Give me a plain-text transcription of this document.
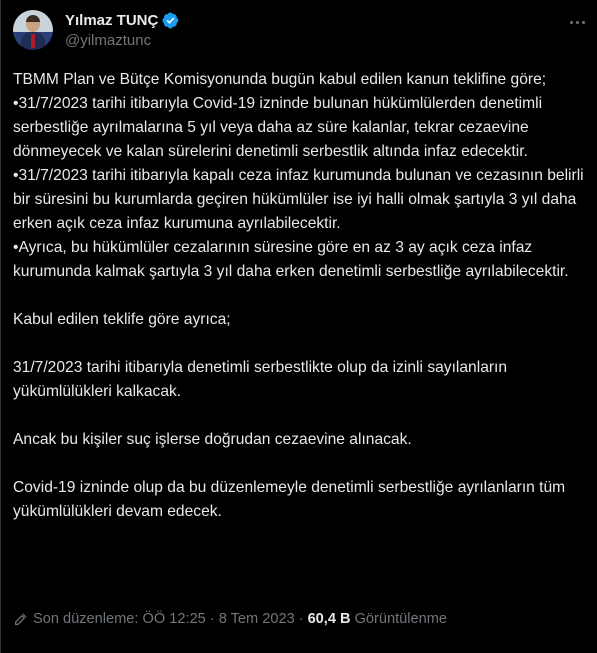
Yılmaz TUNÇ
@yilmaztunc

TBMM Plan ve Bütçe Komisyonunda bugün kabul edilen kanun teklifine göre;

•31/7/2023 tarihi itibarıyla Covid-19 izninde bulunan hükümlülerden denetimli serbestliğe ayrılmalarına 5 yıl veya daha az süre kalanlar, tekrar cezaevine dönmeyecek ve kalan sürelerini denetimli serbestlik altında infaz edecektir.

•31/7/2023 tarihi itibarıyla kapalı ceza infaz kurumunda bulunan ve cezasının belirli bir süresini bu kurumlarda geçiren hükümlüler ise iyi halli olmak şartıyla 3 yıl daha erken açık ceza infaz kurumuna ayrılabilecektir.

•Ayrıca, bu hükümlüler cezalarının süresine göre en az 3 ay açık ceza infaz kurumunda kalmak şartıyla 3 yıl daha erken denetimli serbestliğe ayrılabilecektir.

Kabul edilen teklife göre ayrıca;

31/7/2023 tarihi itibarıyla denetimli serbestlikte olup da izinli sayılanların yükümlülükleri kalkacak.

Ancak bu kişiler suç işlerse doğrudan cezaevine alınacak.

Covid-19 izninde olup da bu düzenlemeyle denetimli serbestliğe ayrılanların tüm yükümlülükleri devam edecek.

Son düzenleme: ÖÖ 12:25 · 8 Tem 2023 · 60,4 B Görüntülenme
